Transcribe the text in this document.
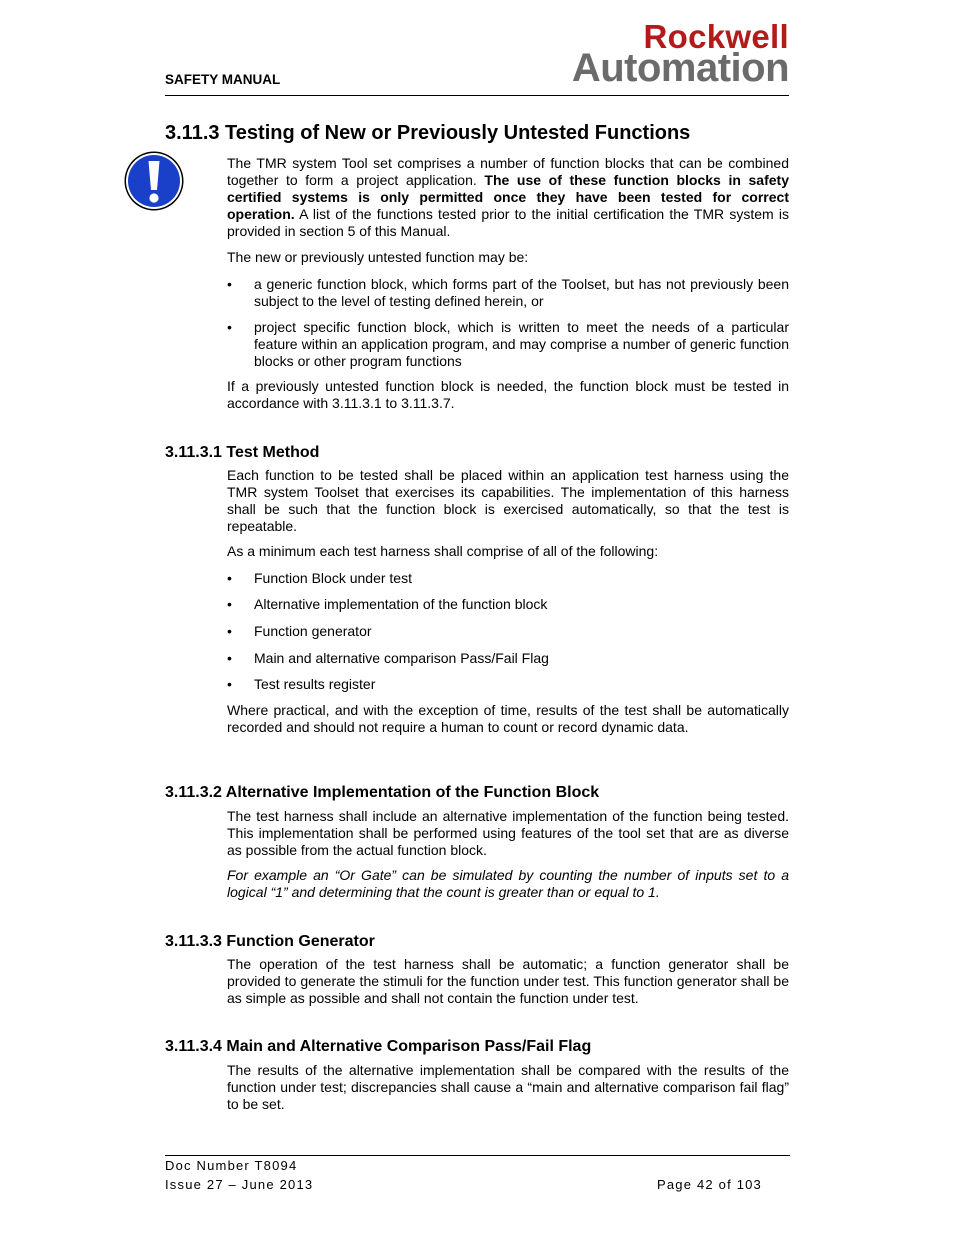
SAFETY MANUAL
Rockwell
Automation
3.11.3 Testing of New or Previously Untested Functions
The TMR system Tool set comprises a number of function blocks that can be combined together to form a project application. The use of these function blocks in safety certified systems is only permitted once they have been tested for correct operation. A list of the functions tested prior to the initial certification the TMR system is provided in section 5 of this Manual.
The new or previously untested function may be:
•	a generic function block, which forms part of the Toolset, but has not previously been subject to the level of testing defined herein, or
•	project specific function block, which is written to meet the needs of a particular feature within an application program, and may comprise a number of generic function blocks or other program functions
If a previously untested function block is needed, the function block must be tested in accordance with 3.11.3.1 to 3.11.3.7.
3.11.3.1 Test Method
Each function to be tested shall be placed within an application test harness using the TMR system Toolset that exercises its capabilities. The implementation of this harness shall be such that the function block is exercised automatically, so that the test is repeatable.
As a minimum each test harness shall comprise of all of the following:
•	Function Block under test
•	Alternative implementation of the function block
•	Function generator
•	Main and alternative comparison Pass/Fail Flag
•	Test results register
Where practical, and with the exception of time, results of the test shall be automatically recorded and should not require a human to count or record dynamic data.
3.11.3.2 Alternative Implementation of the Function Block
The test harness shall include an alternative implementation of the function being tested. This implementation shall be performed using features of the tool set that are as diverse as possible from the actual function block.
For example an “Or Gate” can be simulated by counting the number of inputs set to a logical “1” and determining that the count is greater than or equal to 1.
3.11.3.3 Function Generator
The operation of the test harness shall be automatic; a function generator shall be provided to generate the stimuli for the function under test. This function generator shall be as simple as possible and shall not contain the function under test.
3.11.3.4 Main and Alternative Comparison Pass/Fail Flag
The results of the alternative implementation shall be compared with the results of the function under test; discrepancies shall cause a “main and alternative comparison fail flag” to be set.
Doc Number T8094
Issue 27 – June 2013	Page 42 of 103
